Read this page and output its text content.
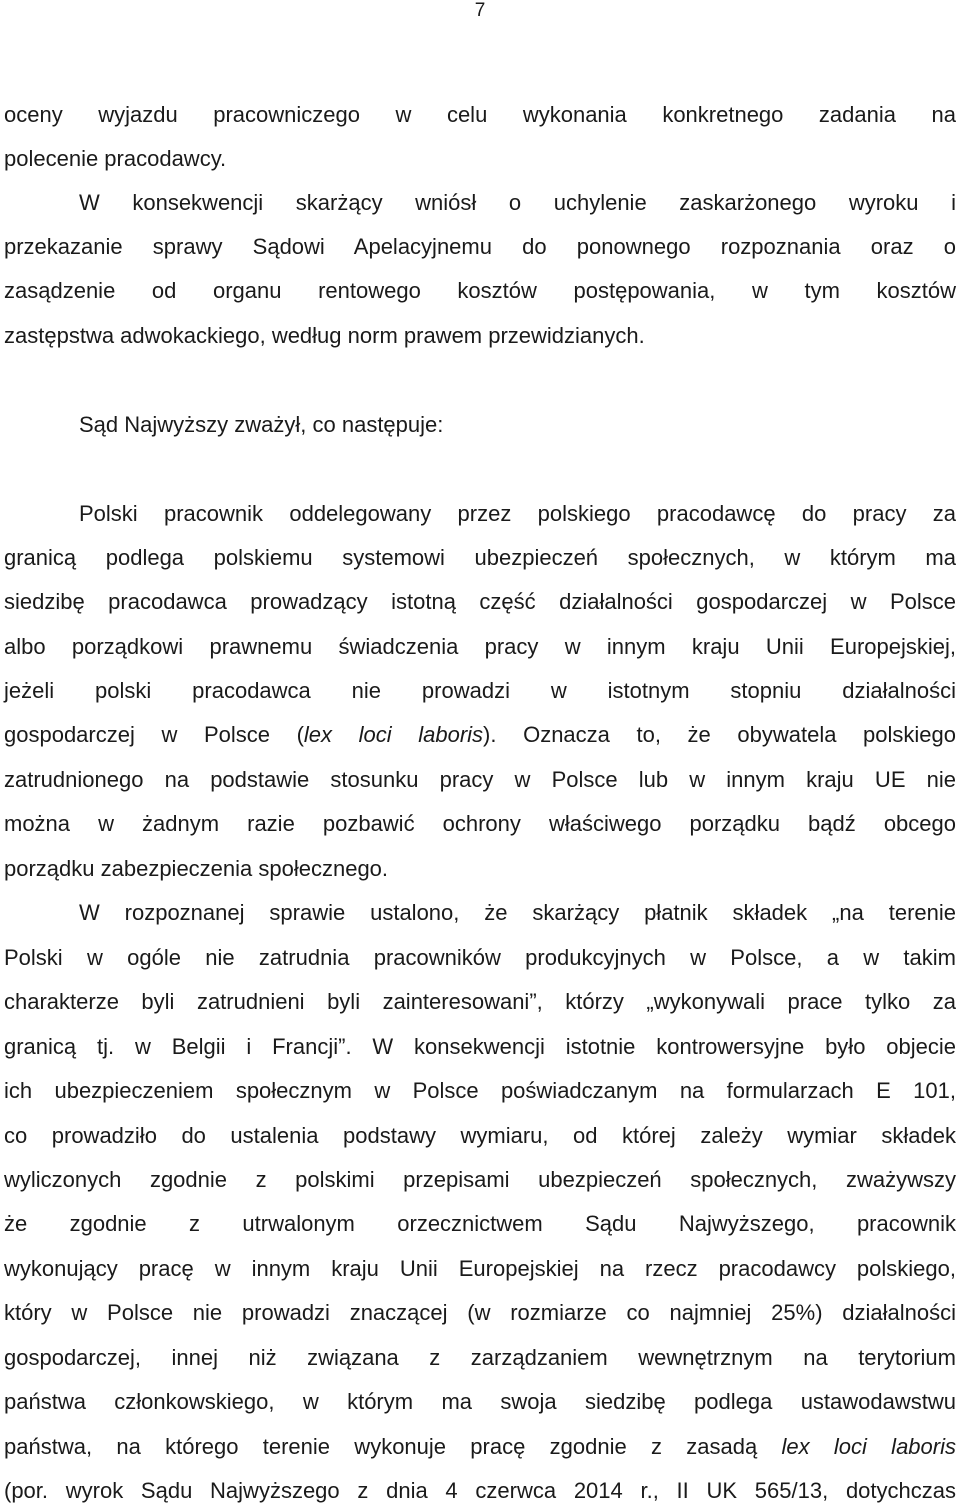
7
oceny wyjazdu pracowniczego w celu wykonania konkretnego zadania na
polecenie pracodawcy.
W konsekwencji skarżący wniósł o uchylenie zaskarżonego wyroku i
przekazanie sprawy Sądowi Apelacyjnemu do ponownego rozpoznania oraz o
zasądzenie od organu rentowego kosztów postępowania, w tym kosztów
zastępstwa adwokackiego, według norm prawem przewidzianych.
Sąd Najwyższy zważył, co następuje:
Polski pracownik oddelegowany przez polskiego pracodawcę do pracy za
granicą podlega polskiemu systemowi ubezpieczeń społecznych, w którym ma
siedzibę pracodawca prowadzący istotną część działalności gospodarczej w Polsce
albo porządkowi prawnemu świadczenia pracy w innym kraju Unii Europejskiej,
jeżeli polski pracodawca nie prowadzi w istotnym stopniu działalności
gospodarczej w Polsce (lex loci laboris). Oznacza to, że obywatela polskiego
zatrudnionego na podstawie stosunku pracy w Polsce lub w innym kraju UE nie
można w żadnym razie pozbawić ochrony właściwego porządku bądź obcego
porządku zabezpieczenia społecznego.
W rozpoznanej sprawie ustalono, że skarżący płatnik składek „na terenie
Polski w ogóle nie zatrudnia pracowników produkcyjnych w Polsce, a w takim
charakterze byli zatrudnieni byli zainteresowani”, którzy „wykonywali prace tylko za
granicą tj. w Belgii i Francji”. W konsekwencji istotnie kontrowersyjne było objecie
ich ubezpieczeniem społecznym w Polsce poświadczanym na formularzach E 101,
co prowadziło do ustalenia podstawy wymiaru, od której zależy wymiar składek
wyliczonych zgodnie z polskimi przepisami ubezpieczeń społecznych, zważywszy
że zgodnie z utrwalonym orzecznictwem Sądu Najwyższego, pracownik
wykonujący pracę w innym kraju Unii Europejskiej na rzecz pracodawcy polskiego,
który w Polsce nie prowadzi znaczącej (w rozmiarze co najmniej 25%) działalności
gospodarczej, innej niż związana z zarządzaniem wewnętrznym na terytorium
państwa członkowskiego, w którym ma swoja siedzibę podlega ustawodawstwu
państwa, na którego terenie wykonuje pracę zgodnie z zasadą lex loci laboris
(por. wyrok Sądu Najwyższego z dnia 4 czerwca 2014 r., II UK 565/13, dotychczas
